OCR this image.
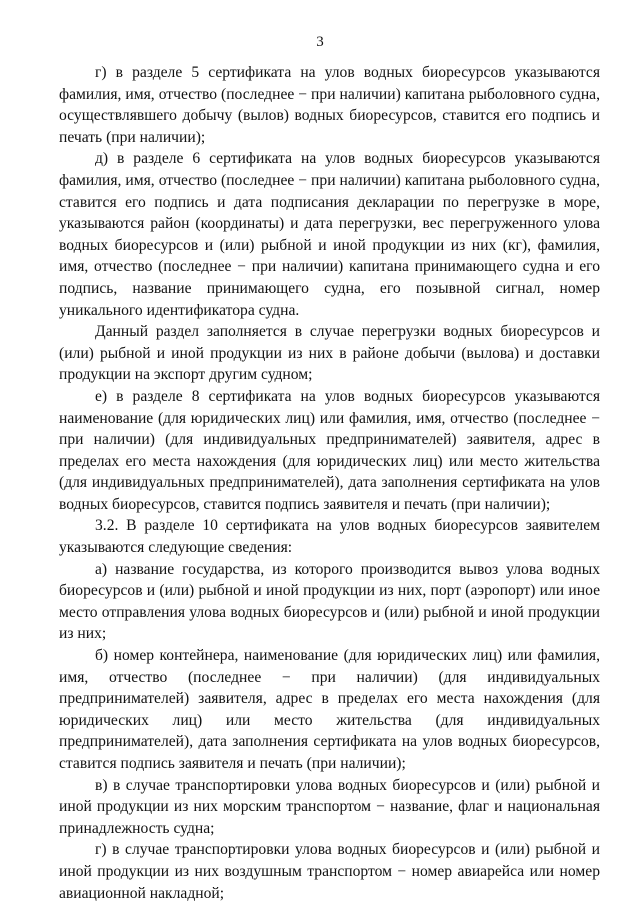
3

г) в разделе 5 сертификата на улов водных биоресурсов указываются фамилия, имя, отчество (последнее − при наличии) капитана рыболовного судна, осуществлявшего добычу (вылов) водных биоресурсов, ставится его подпись и печать (при наличии);

д) в разделе 6 сертификата на улов водных биоресурсов указываются фамилия, имя, отчество (последнее − при наличии) капитана рыболовного судна, ставится его подпись и дата подписания декларации по перегрузке в море, указываются район (координаты) и дата перегрузки, вес перегруженного улова водных биоресурсов и (или) рыбной и иной продукции из них (кг), фамилия, имя, отчество (последнее − при наличии) капитана принимающего судна и его подпись, название принимающего судна, его позывной сигнал, номер уникального идентификатора судна.

Данный раздел заполняется в случае перегрузки водных биоресурсов и (или) рыбной и иной продукции из них в районе добычи (вылова) и доставки продукции на экспорт другим судном;

е) в разделе 8 сертификата на улов водных биоресурсов указываются наименование (для юридических лиц) или фамилия, имя, отчество (последнее − при наличии) (для индивидуальных предпринимателей) заявителя, адрес в пределах его места нахождения (для юридических лиц) или место жительства (для индивидуальных предпринимателей), дата заполнения сертификата на улов водных биоресурсов, ставится подпись заявителя и печать (при наличии);

3.2. В разделе 10 сертификата на улов водных биоресурсов заявителем указываются следующие сведения:

а) название государства, из которого производится вывоз улова водных биоресурсов и (или) рыбной и иной продукции из них, порт (аэропорт) или иное место отправления улова водных биоресурсов и (или) рыбной и иной продукции из них;

б) номер контейнера, наименование (для юридических лиц) или фамилия, имя, отчество (последнее − при наличии) (для индивидуальных предпринимателей) заявителя, адрес в пределах его места нахождения (для юридических лиц) или место жительства (для индивидуальных предпринимателей), дата заполнения сертификата на улов водных биоресурсов, ставится подпись заявителя и печать (при наличии);

в) в случае транспортировки улова водных биоресурсов и (или) рыбной и иной продукции из них морским транспортом − название, флаг и национальная принадлежность судна;

г) в случае транспортировки улова водных биоресурсов и (или) рыбной и иной продукции из них воздушным транспортом − номер авиарейса или номер авиационной накладной;
